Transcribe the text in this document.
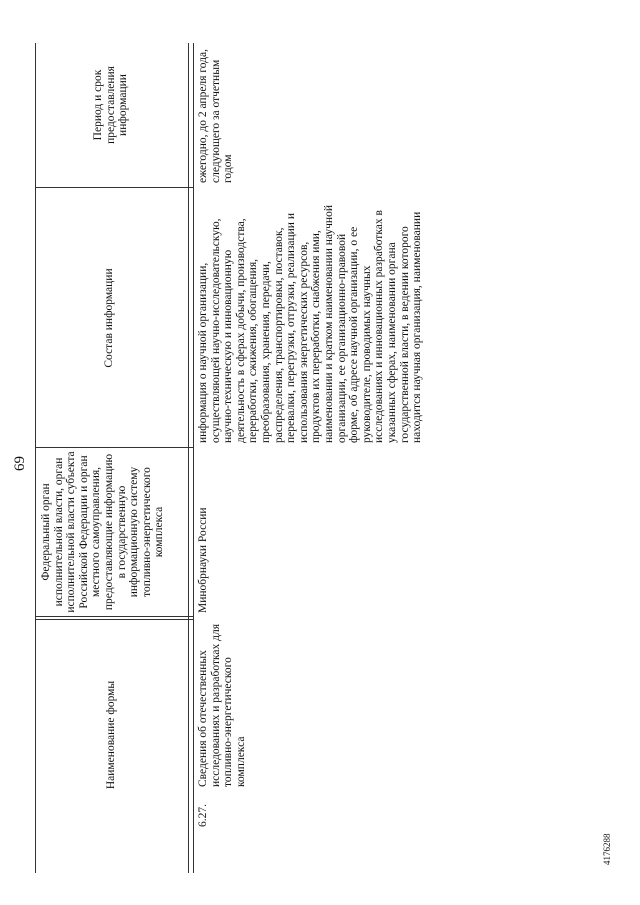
69
Наименование формы
Федеральный орган исполнительной власти, орган исполнительной власти субъекта Российской Федерации и орган местного самоуправления, предоставляющие информацию в государственную информационную систему топливно-энергетического комплекса
Состав информации
Период и срок предоставления информации
6.27.
Сведения об отечественных исследованиях и разработках для топливно-энергетического комплекса
Минобрнауки России
информация о научной организации, осуществляющей научно-исследовательскую, научно-техническую и инновационную деятельность в сферах добычи, производства, переработки, сжижения, обогащения, преобразования, хранения, передачи, распределения, транспортировки, поставок, перевалки, перегрузки, отгрузки, реализации и использования энергетических ресурсов, продуктов их переработки, снабжения ими, наименовании и кратком наименовании научной организации, ее организационно-правовой форме, об адресе научной организации, о ее руководителе, проводимых научных исследованиях и инновационных разработках в указанных сферах, наименовании органа государственной власти, в ведении которого находится научная организация, наименовании
ежегодно, до 2 апреля года, следующего за отчетным годом
4176288
